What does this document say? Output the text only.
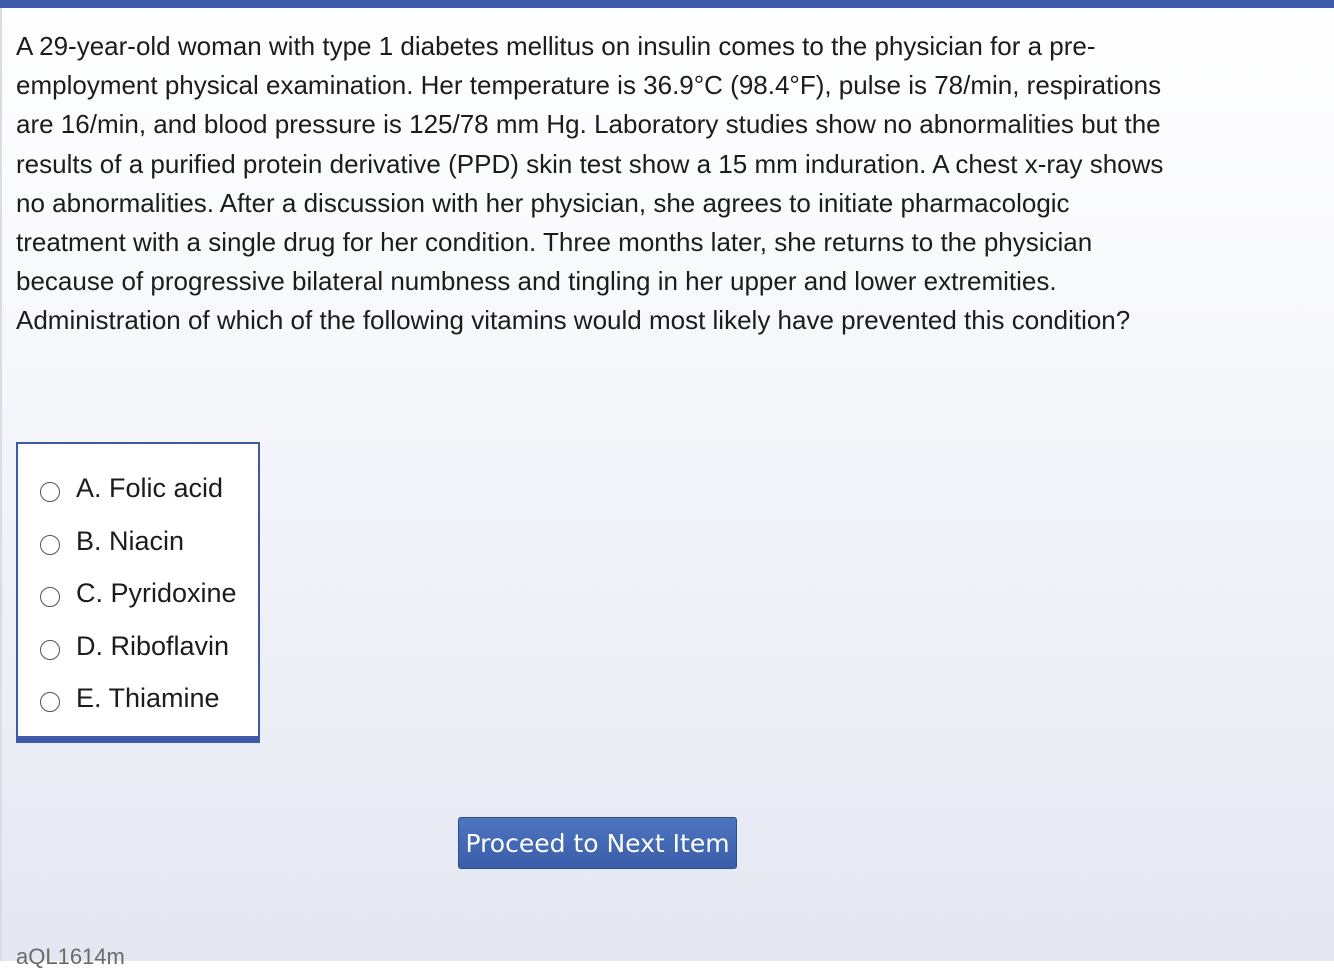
A 29-year-old woman with type 1 diabetes mellitus on insulin comes to the physician for a pre-employment physical examination. Her temperature is 36.9°C (98.4°F), pulse is 78/min, respirations are 16/min, and blood pressure is 125/78 mm Hg. Laboratory studies show no abnormalities but the results of a purified protein derivative (PPD) skin test show a 15 mm induration. A chest x-ray shows no abnormalities. After a discussion with her physician, she agrees to initiate pharmacologic treatment with a single drug for her condition. Three months later, she returns to the physician because of progressive bilateral numbness and tingling in her upper and lower extremities. Administration of which of the following vitamins would most likely have prevented this condition?

A. Folic acid
B. Niacin
C. Pyridoxine
D. Riboflavin
E. Thiamine
Proceed to Next Item
aQL1614m
